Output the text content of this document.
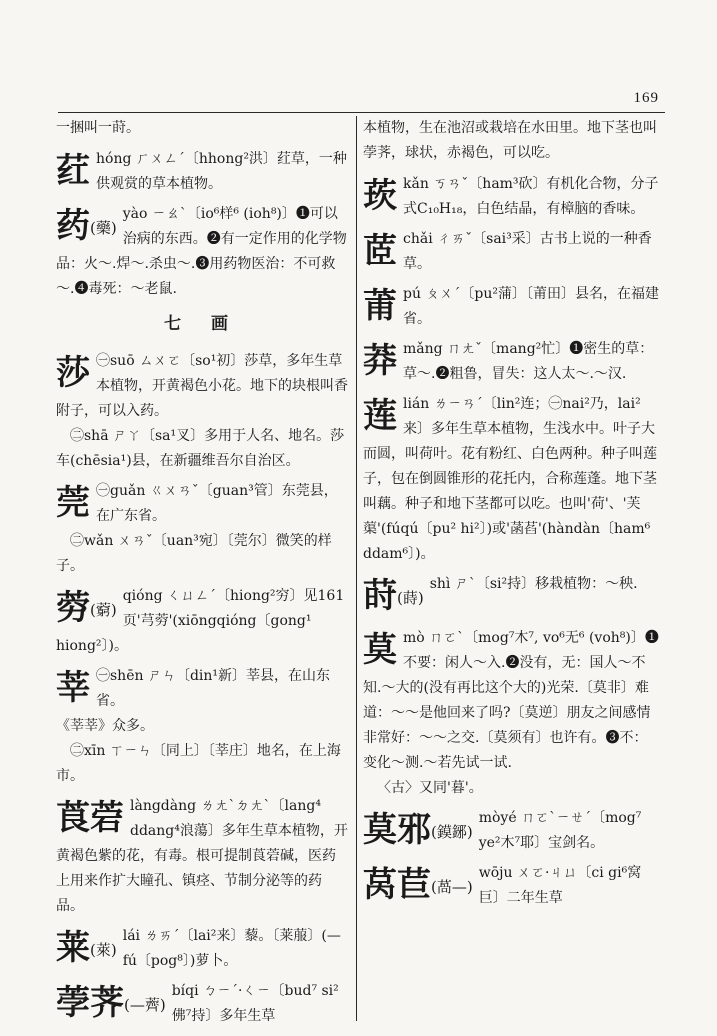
169

一捆叫一莳。

荭 hóng ㄏㄨㄥˊ〔hhong²洪〕荭草，一种供观赏的草本植物。

药(藥)

yào ㄧㄠˋ〔io⁶样⁶ (ioh⁸)〕❶可以治病的东西。❷有一定作用的化学物品：火～.焊～.杀虫～.❸用药物医治：不可救～.❹毒死：～老鼠.

七 画
莎 ㊀suō ㄙㄨㄛ〔so¹初〕莎草，多年生草本植物，开黄褐色小花。地下的块根叫香附子，可以入药。

㊁shā ㄕㄚ〔sa¹叉〕多用于人名、地名。莎车(chēsia¹)县，在新疆维吾尔自治区。

莞 ㊀guǎn ㄍㄨㄢˇ〔guan³管〕东莞县，在广东省。

㊁wǎn ㄨㄢˇ〔uan³宛〕〔莞尔〕微笑的样子。

䓖(藭)

qióng ㄑㄩㄥˊ〔hiong²穷〕见161页'芎䓖'(xiōngqióng〔gong¹ hiong²〕)。

莘 ㊀shēn ㄕㄣ〔din¹新〕莘县，在山东省。

《莘莘》众多。

㊁xīn ㄒㄧㄣ〔同上〕〔莘庄〕地名，在上海市。

莨菪 làngdàng ㄌㄤˋㄉㄤˋ〔lang⁴ ddang⁴浪蕩〕多年生草本植物，开黄褐色紫的花，有毒。根可提制莨菪碱，医药上用来作扩大瞳孔、镇痉、节制分泌等的药品。

莱(萊)

lái ㄌㄞˊ〔lai²来〕藜。〔莱菔〕(—fú〔pog⁸〕)萝卜。

荸荠(—薺)

bíqi ㄅㄧˊ·ㄑㄧ〔bud⁷ si²佛⁷持〕多年生草

本植物，生在池沼或栽培在水田里。地下茎也叫荸荠，球状，赤褐色，可以吃。

莰 kǎn ㄎㄢˇ〔ham³砍〕有机化合物，分子式C₁₀H₁₈，白色结晶，有樟脑的香味。

茝 chǎi ㄔㄞˇ〔sai³采〕古书上说的一种香草。

莆 pú ㄆㄨˊ〔pu²蒲〕〔莆田〕县名，在福建省。

莽 mǎng ㄇㄤˇ〔mang²忙〕❶密生的草：草～.❷粗鲁，冒失：这人太～.～汉.

莲 lián ㄌㄧㄢˊ〔lin²连；㊀nai²乃，lai²来〕多年生草本植物，生浅水中。叶子大而圆，叫荷叶。花有粉红、白色两种。种子叫莲子，包在倒圆锥形的花托内，合称莲蓬。地下茎叫藕。种子和地下茎都可以吃。也叫'荷'、'芙蕖'(fúqú〔pu² hi²〕)或'菡萏'(hàndàn〔ham⁶ ddam⁶〕)。

莳(蒔)

shì ㄕˋ〔si²持〕移栽植物：～秧.

莫 mò ㄇㄛˋ〔mog⁷木⁷, vo⁶无⁶ (voh⁸)〕❶不要：闲人～入.❷没有，无：国人～不知.～大的(没有再比这个大的)光荣.〔莫非〕难道：～～是他回来了吗?〔莫逆〕朋友之间感情非常好：～～之交.〔莫须有〕也许有。❸不：变化～测.～若先试一试.

〈古〉又同'暮'。

莫邪(鏌鋣)

mòyé ㄇㄛˋㄧㄝˊ〔mog⁷ ye²木⁷耶〕宝剑名。

莴苣(萵—)

wōju ㄨㄛ·ㄐㄩ〔ci gi⁶窝巨〕二年生草
